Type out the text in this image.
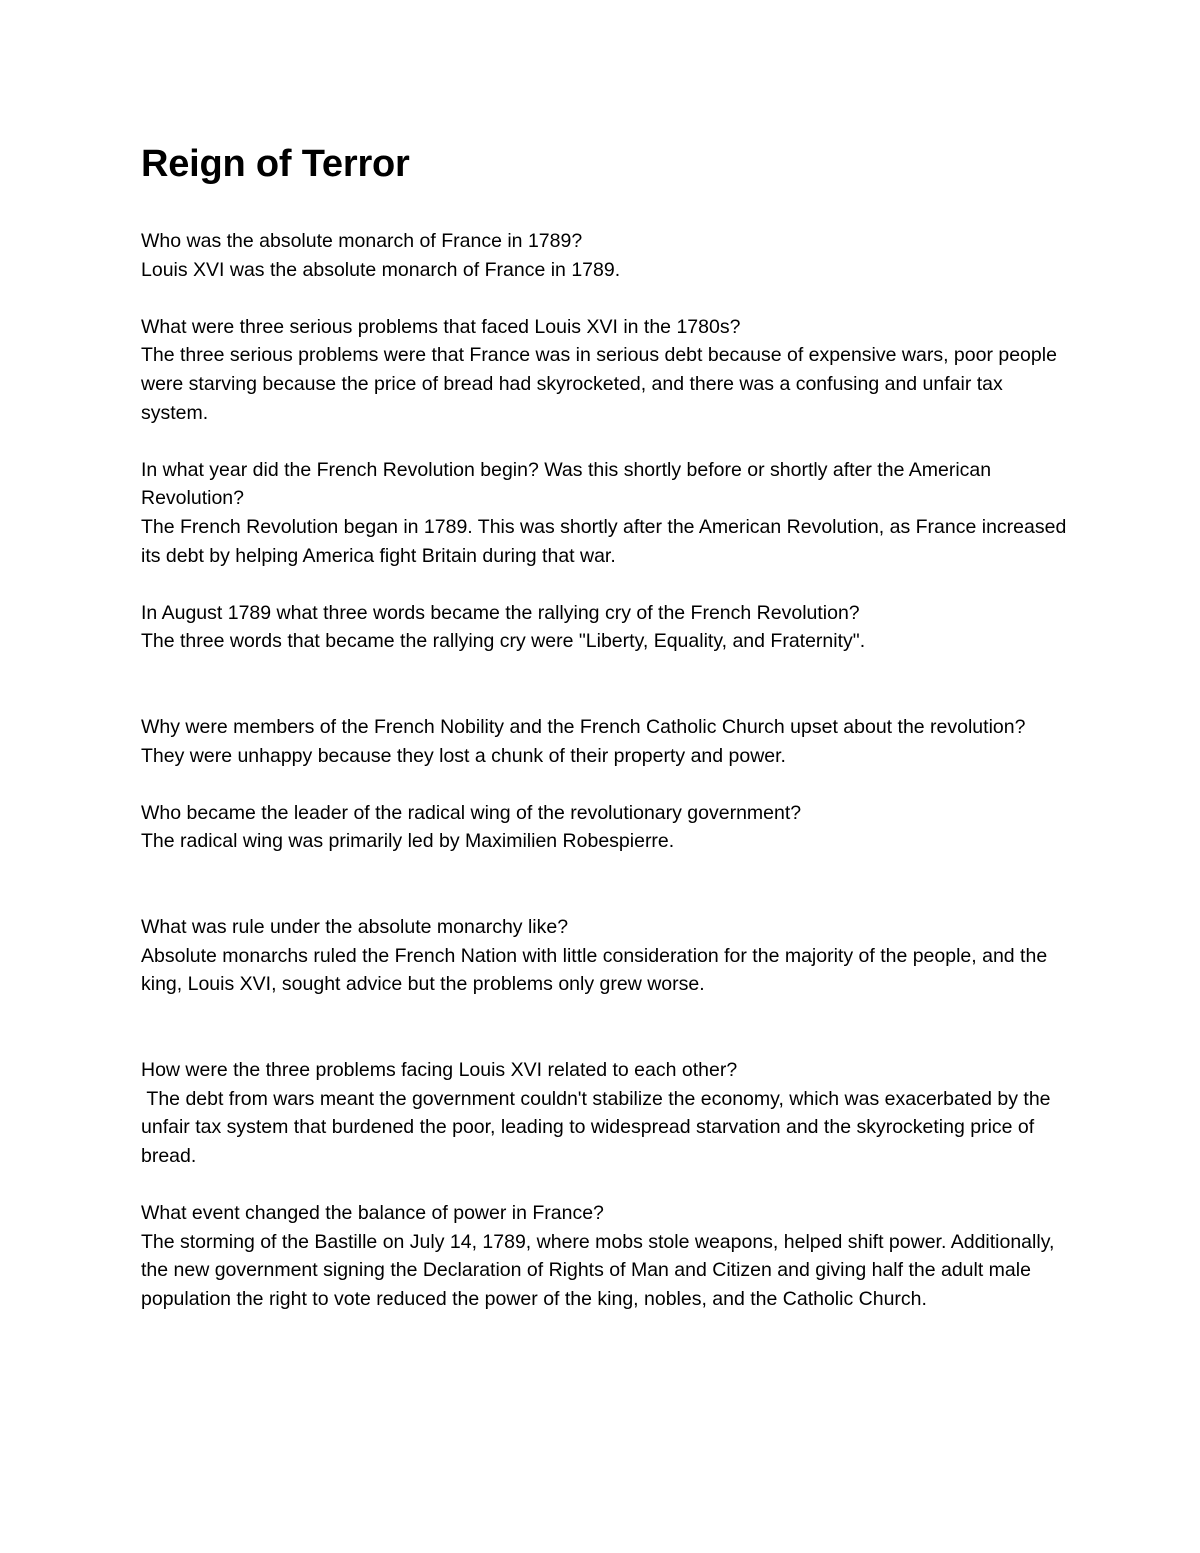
Reign of Terror

Who was the absolute monarch of France in 1789?

Louis XVI was the absolute monarch of France in 1789.

What were three serious problems that faced Louis XVI in the 1780s?

The three serious problems were that France was in serious debt because of expensive wars, poor people were starving because the price of bread had skyrocketed, and there was a confusing and unfair tax system.

In what year did the French Revolution begin? Was this shortly before or shortly after the American Revolution?

The French Revolution began in 1789. This was shortly after the American Revolution, as France increased its debt by helping America fight Britain during that war.

In August 1789 what three words became the rallying cry of the French Revolution?

The three words that became the rallying cry were "Liberty, Equality, and Fraternity".

Why were members of the French Nobility and the French Catholic Church upset about the revolution?

They were unhappy because they lost a chunk of their property and power.

Who became the leader of the radical wing of the revolutionary government?

The radical wing was primarily led by Maximilien Robespierre.

What was rule under the absolute monarchy like?

Absolute monarchs ruled the French Nation with little consideration for the majority of the people, and the king, Louis XVI, sought advice but the problems only grew worse.

How were the three problems facing Louis XVI related to each other?

The debt from wars meant the government couldn't stabilize the economy, which was exacerbated by the unfair tax system that burdened the poor, leading to widespread starvation and the skyrocketing price of bread.

What event changed the balance of power in France?

The storming of the Bastille on July 14, 1789, where mobs stole weapons, helped shift power. Additionally, the new government signing the Declaration of Rights of Man and Citizen and giving half the adult male population the right to vote reduced the power of the king, nobles, and the Catholic Church.
